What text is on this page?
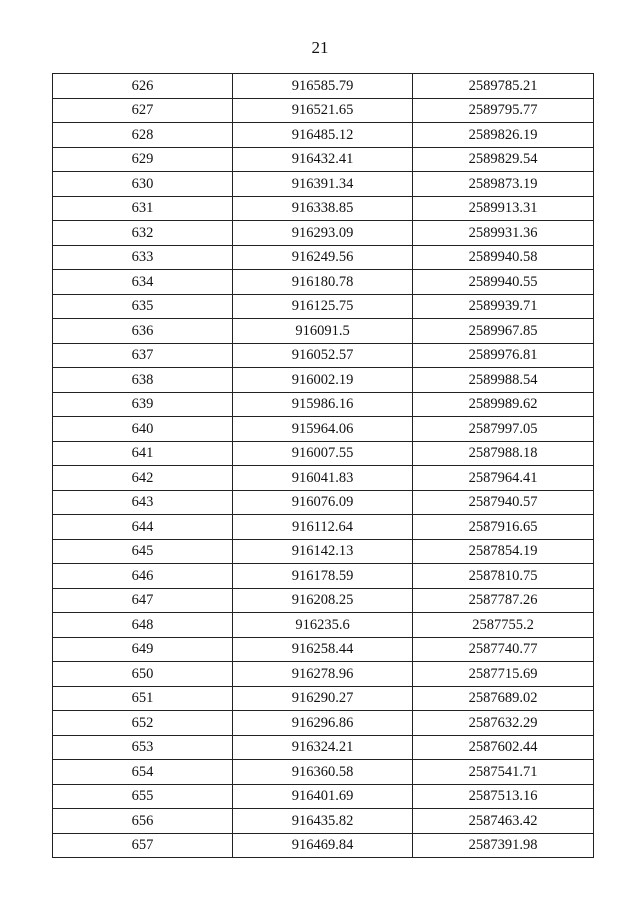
21
626	916585.79	2589785.21
627	916521.65	2589795.77
628	916485.12	2589826.19
629	916432.41	2589829.54
630	916391.34	2589873.19
631	916338.85	2589913.31
632	916293.09	2589931.36
633	916249.56	2589940.58
634	916180.78	2589940.55
635	916125.75	2589939.71
636	916091.5	2589967.85
637	916052.57	2589976.81
638	916002.19	2589988.54
639	915986.16	2589989.62
640	915964.06	2587997.05
641	916007.55	2587988.18
642	916041.83	2587964.41
643	916076.09	2587940.57
644	916112.64	2587916.65
645	916142.13	2587854.19
646	916178.59	2587810.75
647	916208.25	2587787.26
648	916235.6	2587755.2
649	916258.44	2587740.77
650	916278.96	2587715.69
651	916290.27	2587689.02
652	916296.86	2587632.29
653	916324.21	2587602.44
654	916360.58	2587541.71
655	916401.69	2587513.16
656	916435.82	2587463.42
657	916469.84	2587391.98
